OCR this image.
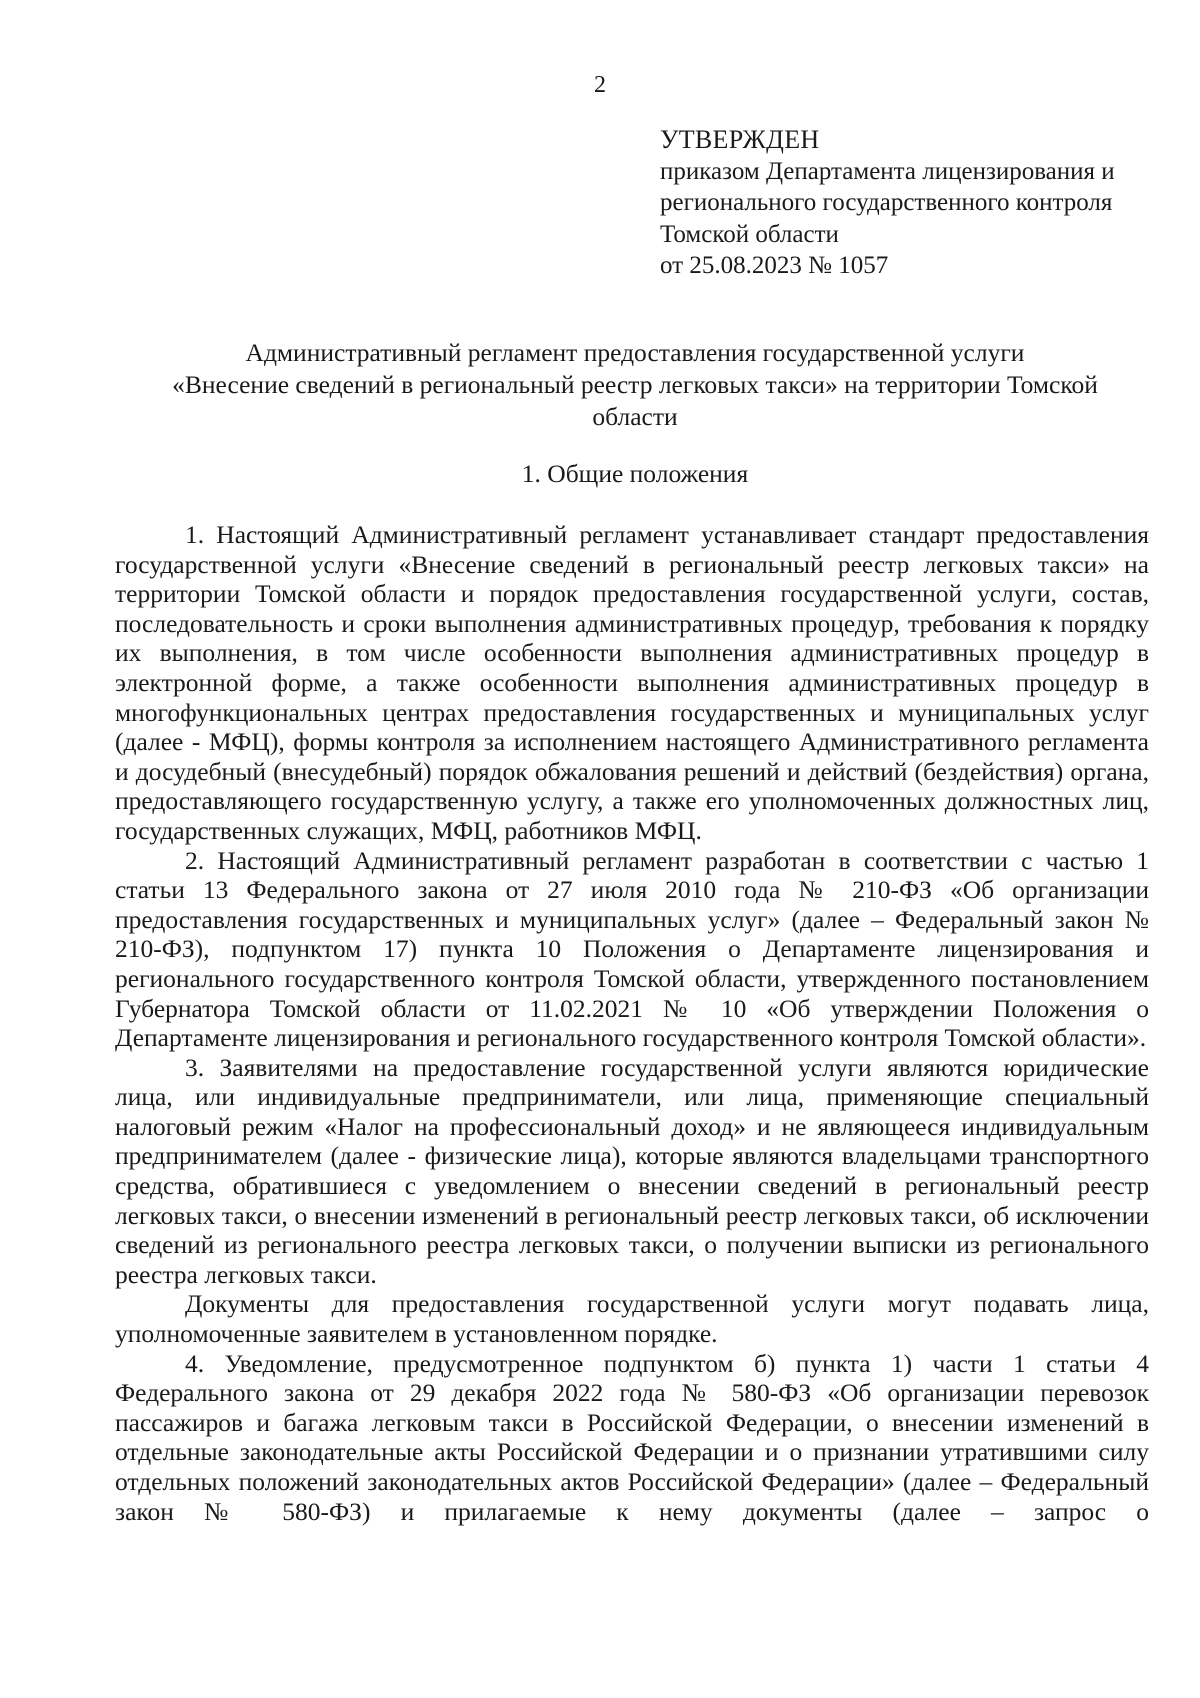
2
УТВЕРЖДЕН
приказом Департамента лицензирования и
регионального государственного контроля
Томской области
от 25.08.2023 № 1057
Административный регламент предоставления государственной услуги
«Внесение сведений в региональный реестр легковых такси» на территории Томской
области
1. Общие положения

1. Настоящий Административный регламент устанавливает стандарт предоставления государственной услуги «Внесение сведений в региональный реестр легковых такси» на территории Томской области и порядок предоставления государственной услуги, состав, последовательность и сроки выполнения административных процедур, требования к порядку их выполнения, в том числе особенности выполнения административных процедур в электронной форме, а также особенности выполнения административных процедур в многофункциональных центрах предоставления государственных и муниципальных услуг (далее - МФЦ), формы контроля за исполнением настоящего Административного регламента и досудебный (внесудебный) порядок обжалования решений и действий (бездействия) органа, предоставляющего государственную услугу, а также его уполномоченных должностных лиц, государственных служащих, МФЦ, работников МФЦ.

2. Настоящий Административный регламент разработан в соответствии с частью 1 статьи 13 Федерального закона от 27 июля 2010 года № 210-ФЗ «Об организации предоставления государственных и муниципальных услуг» (далее – Федеральный закон № 210-ФЗ), подпунктом 17) пункта 10 Положения о Департаменте лицензирования и регионального государственного контроля Томской области, утвержденного постановлением Губернатора Томской области от 11.02.2021 № 10 «Об утверждении Положения о Департаменте лицензирования и регионального государственного контроля Томской области».

3. Заявителями на предоставление государственной услуги являются юридические лица, или индивидуальные предприниматели, или лица, применяющие специальный налоговый режим «Налог на профессиональный доход» и не являющееся индивидуальным предпринимателем (далее - физические лица), которые являются владельцами транспортного средства, обратившиеся с уведомлением о внесении сведений в региональный реестр легковых такси, о внесении изменений в региональный реестр легковых такси, об исключении сведений из регионального реестра легковых такси, о получении выписки из регионального реестра легковых такси.

Документы для предоставления государственной услуги могут подавать лица, уполномоченные заявителем в установленном порядке.

4. Уведомление, предусмотренное подпунктом б) пункта 1) части 1 статьи 4 Федерального закона от 29 декабря 2022 года № 580-ФЗ «Об организации перевозок пассажиров и багажа легковым такси в Российской Федерации, о внесении изменений в отдельные законодательные акты Российской Федерации и о признании утратившими силу отдельных положений законодательных актов Российской Федерации» (далее – Федеральный закон № 580-ФЗ) и прилагаемые к нему документы (далее – запрос о
